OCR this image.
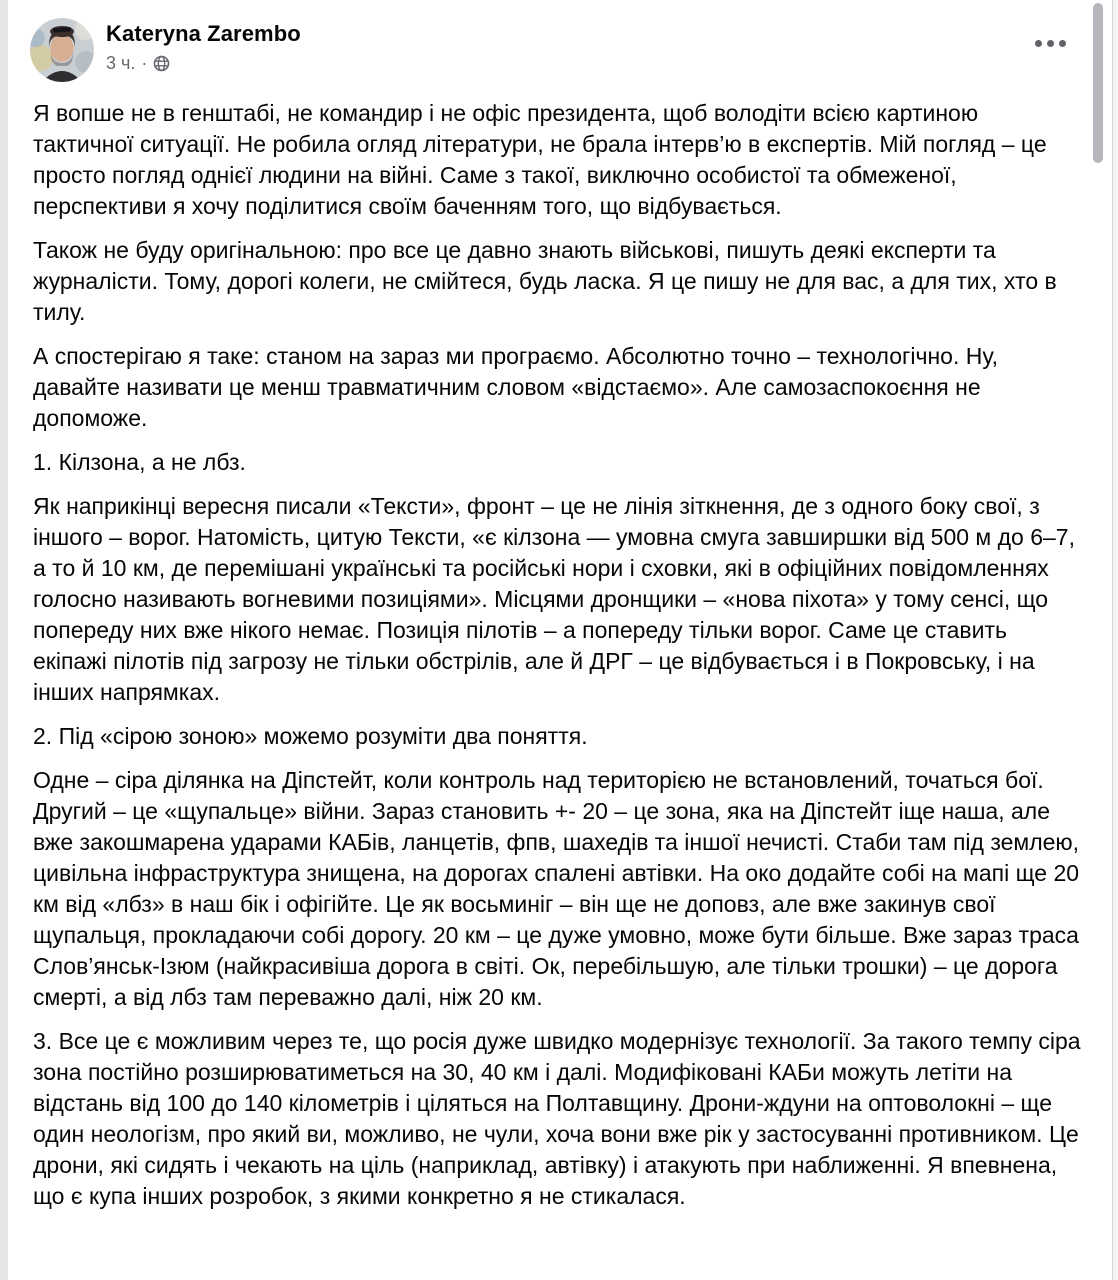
Kateryna Zarembo
3 ч. ·

Я вопше не в генштабі, не командир і не офіс президента, щоб володіти всією картиною тактичної ситуації. Не робила огляд літератури, не брала інтерв’ю в експертів. Мій погляд – це просто погляд однієї людини на війні. Саме з такої, виключно особистої та обмеженої, перспективи я хочу поділитися своїм баченням того, що відбувається.

Також не буду оригінальною: про все це давно знають військові, пишуть деякі експерти та журналісти. Тому, дорогі колеги, не смійтеся, будь ласка. Я це пишу не для вас, а для тих, хто в тилу.

А спостерігаю я таке: станом на зараз ми програємо. Абсолютно точно – технологічно. Ну, давайте називати це менш травматичним словом «відстаємо». Але самозаспокоєння не допоможе.

1. Кілзона, а не лбз.

Як наприкінці вересня писали «Тексти», фронт – це не лінія зіткнення, де з одного боку свої, з іншого – ворог. Натомість, цитую Тексти, «є кілзона — умовна смуга завширшки від 500 м до 6–7, а то й 10 км, де перемішані українські та російські нори і сховки, які в офіційних повідомленнях голосно називають вогневими позиціями». Місцями дронщики – «нова піхота» у тому сенсі, що попереду них вже нікого немає. Позиція пілотів – а попереду тільки ворог. Саме це ставить екіпажі пілотів під загрозу не тільки обстрілів, але й ДРГ – це відбувається і в Покровську, і на інших напрямках.

2. Під «сірою зоною» можемо розуміти два поняття.

Одне – сіра ділянка на Діпстейт, коли контроль над територією не встановлений, точаться бої. Другий – це «щупальце» війни. Зараз становить +- 20 – це зона, яка на Діпстейт іще наша, але вже закошмарена ударами КАБів, ланцетів, фпв, шахедів та іншої нечисті. Стаби там під землею, цивільна інфраструктура знищена, на дорогах спалені автівки. На око додайте собі на мапі ще 20 км від «лбз» в наш бік і офігійте. Це як восьминіг – він ще не доповз, але вже закинув свої щупальця, прокладаючи собі дорогу. 20 км – це дуже умовно, може бути більше. Вже зараз траса Слов’янськ-Ізюм (найкрасивіша дорога в світі. Ок, перебільшую, але тільки трошки) – це дорога смерті, а від лбз там переважно далі, ніж 20 км.

3. Все це є можливим через те, що росія дуже швидко модернізує технології. За такого темпу сіра зона постійно розширюватиметься на 30, 40 км і далі. Модифіковані КАБи можуть летіти на відстань від 100 до 140 кілометрів і ціляться на Полтавщину. Дрони-ждуни на оптоволокні – ще один неологізм, про який ви, можливо, не чули, хоча вони вже рік у застосуванні противником. Це дрони, які сидять і чекають на ціль (наприклад, автівку) і атакують при наближенні. Я впевнена, що є купа інших розробок, з якими конкретно я не стикалася.
